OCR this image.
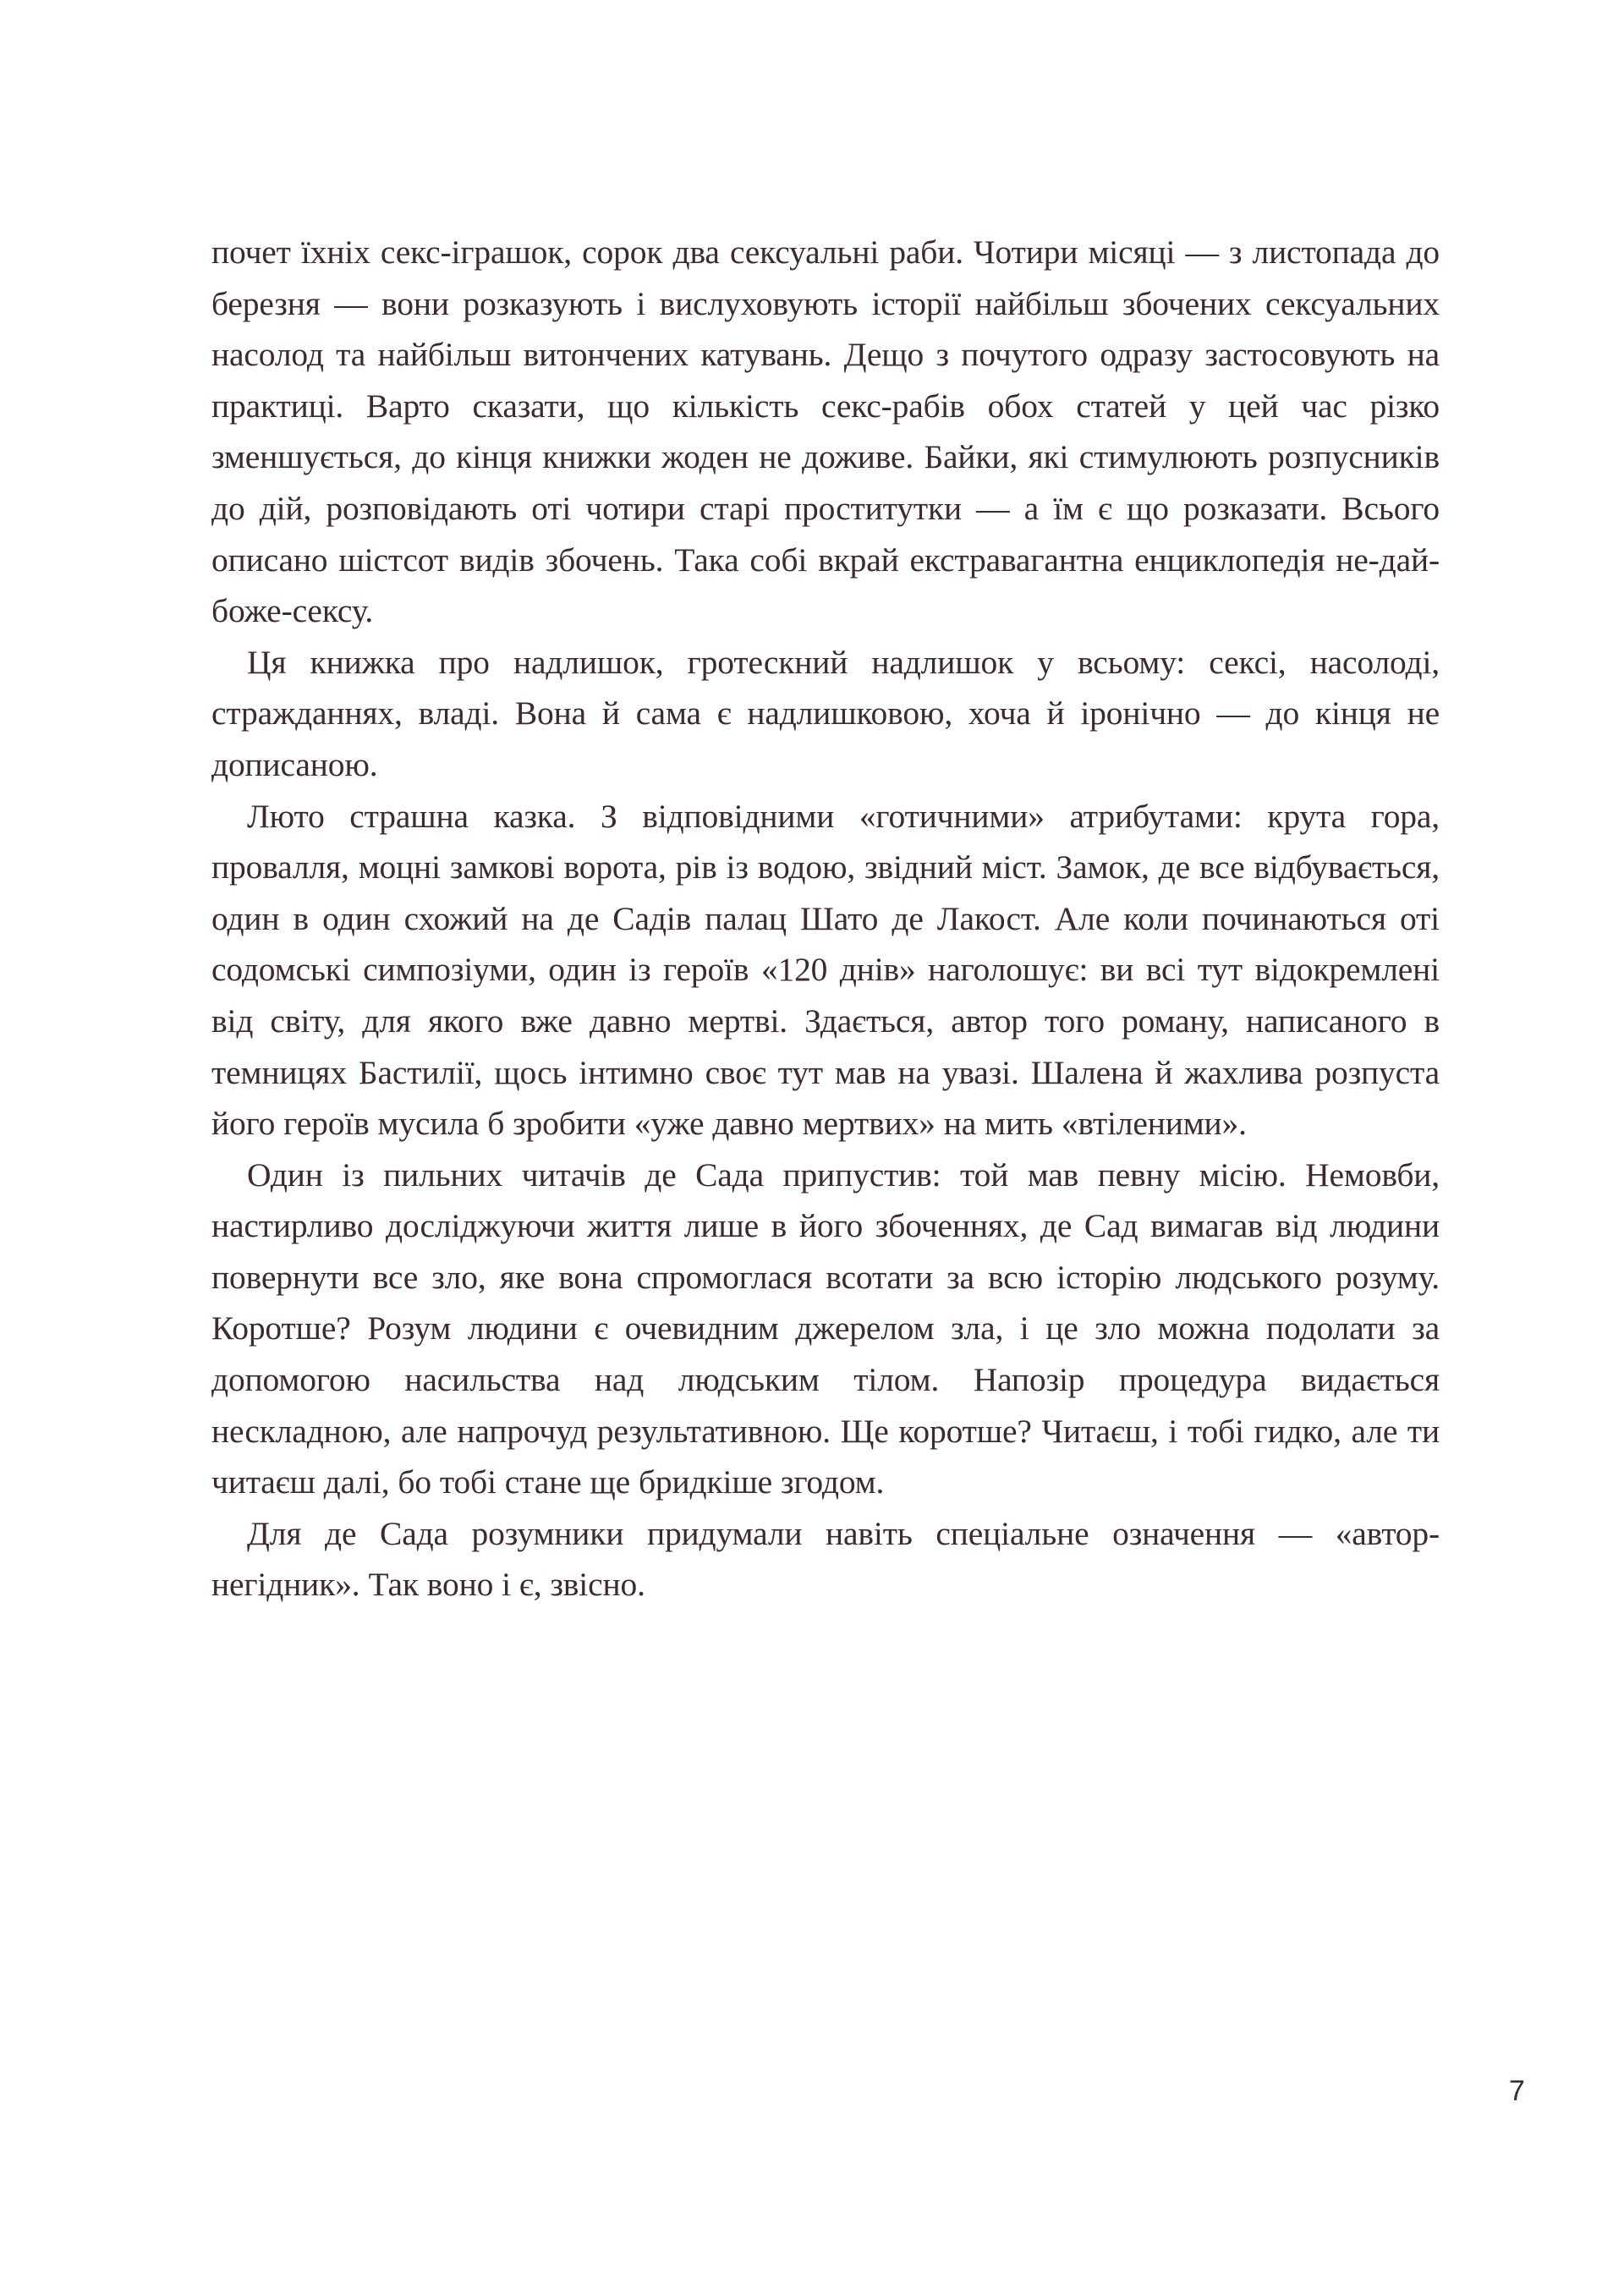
почет їхніх секс-іграшок, сорок два сексуальні раби. Чотири місяці — з листопада до березня — вони розказують і вислуховують історії найбільш збочених сексуальних насолод та найбільш витончених катувань. Дещо з почутого одразу застосовують на практиці. Варто сказати, що кількість секс-рабів обох статей у цей час різко зменшується, до кінця книжки жоден не доживе. Байки, які стимулюють розпусників до дій, розповідають оті чотири старі проститутки — а їм є що розказати. Всього описано шістсот видів збочень. Така собі вкрай екстравагантна енциклопедія не-дай-боже-сексу.

Ця книжка про надлишок, гротескний надлишок у всьому: сексі, насолоді, стражданнях, владі. Вона й сама є надлишковою, хоча й іронічно — до кінця не дописаною.

Люто страшна казка. З відповідними «готичними» атрибутами: крута гора, провалля, моцні замкові ворота, рів із водою, звідний міст. Замок, де все відбувається, один в один схожий на де Садів палац Шато де Лакост. Але коли починаються оті содомські симпозіуми, один із героїв «120 днів» наголошує: ви всі тут відокремлені від світу, для якого вже давно мертві. Здається, автор того роману, написаного в темницях Бастилії, щось інтимно своє тут мав на увазі. Шалена й жахлива розпуста його героїв мусила б зробити «уже давно мертвих» на мить «втіленими».

Один із пильних читачів де Сада припустив: той мав певну місію. Немовби, настирливо досліджуючи життя лише в його збоченнях, де Сад вимагав від людини повернути все зло, яке вона спромоглася всотати за всю історію людського розуму. Коротше? Розум людини є очевидним джерелом зла, і це зло можна подолати за допомогою насильства над людським тілом. Напозір процедура видається нескладною, але напрочуд результативною. Ще коротше? Читаєш, і тобі гидко, але ти читаєш далі, бо тобі стане ще бридкіше згодом.

Для де Сада розумники придумали навіть спеціальне означення — «автор-негідник». Так воно і є, звісно.

7
